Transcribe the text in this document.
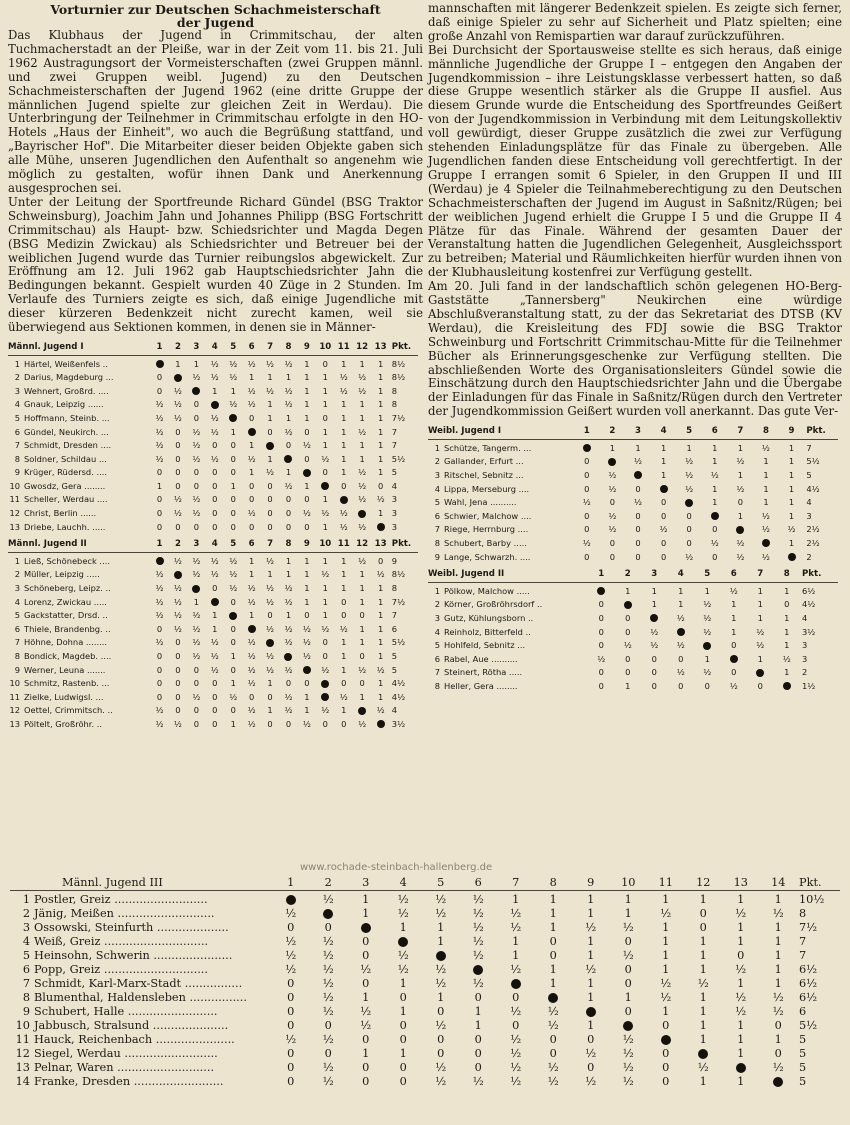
Vorturnier zur Deutschen Schachmeisterschaft
der Jugend

Das Klubhaus der Jugend in Crimmitschau, der alten Tuchmacherstadt an der Pleiße, war in der Zeit vom 11. bis 21. Juli 1962 Austragungsort der Vormeisterschaften (zwei Gruppen männl. und zwei Gruppen weibl. Jugend) zu den Deutschen Schachmeisterschaften der Jugend 1962 (eine dritte Gruppe der männlichen Jugend spielte zur gleichen Zeit in Werdau). Die Unterbringung der Teilnehmer in Crimmitschau erfolgte in den HO-Hotels „Haus der Einheit", wo auch die Begrüßung stattfand, und „Bayrischer Hof". Die Mitarbeiter dieser beiden Objekte gaben sich alle Mühe, unseren Jugendlichen den Aufenthalt so angenehm wie möglich zu gestalten, wofür ihnen Dank und Anerkennung ausgesprochen sei.

Unter der Leitung der Sportfreunde Richard Gündel (BSG Traktor Schweinsburg), Joachim Jahn und Johannes Philipp (BSG Fortschritt Crimmitschau) als Haupt- bzw. Schiedsrichter und Magda Degen (BSG Medizin Zwickau) als Schiedsrichter und Betreuer bei der weiblichen Jugend wurde das Turnier reibungslos abgewickelt. Zur Eröffnung am 12. Juli 1962 gab Hauptschiedsrichter Jahn die Bedingungen bekannt. Gespielt wurden 40 Züge in 2 Stunden. Im Verlaufe des Turniers zeigte es sich, daß einige Jugendliche mit dieser kürzeren Bedenkzeit nicht zurecht kamen, weil sie überwiegend aus Sektionen kommen, in denen sie in Männer-

Männl. Jugend I	1	2	3	4	5	6	7	8	9	10	11	12	13	Pkt.

1 Härtel, Weißenfels ..		1	1	½	½	½	½	½	1	0	1	1	1	8½
2 Darius, Magdeburg ...	0		½	½	½	1	1	1	1	1	½	½	1	8½
3 Wehnert, Großrd. ....	0	½		1	1	½	½	½	1	1	½	½	1	8
4 Gnauk, Leipzig ......	½	½	0		½	½	1	½	1	1	1	1	1	8
5 Hoffmann, Steinb. ...	½	½	0	½		0	1	1	1	0	1	1	1	7½
6 Gündel, Neukirch. ...	½	0	½	½	1		0	½	0	1	1	½	1	7
7 Schmidt, Dresden ....	½	0	½	0	0	1		0	½	1	1	1	1	7
8 Soldner, Schildau ...	½	0	½	½	0	½	1		0	½	1	1	1	5½
9 Krüger, Rüdersd. ....	0	0	0	0	0	1	½	1		0	1	½	1	5
10 Gwosdz, Gera ........	1	0	0	0	1	0	0	½	1		0	½	0	4
11 Scheller, Werdau ....	0	½	½	0	0	0	0	0	0	1		½	½	3
12 Christ, Berlin ......	0	½	½	0	0	½	0	0	½	½	½		1	3
13 Driebe, Lauchh. .....	0	0	0	0	0	0	0	0	0	1	½	½		3
Männl. Jugend II	1	2	3	4	5	6	7	8	9	10	11	12	13	Pkt.

1 Ließ, Schönebeck ....		½	½	½	½	1	½	1	1	1	1	½	0	9
2 Müller, Leipzig .....	½		½	½	½	1	1	1	1	½	1	1	½	8½
3 Schöneberg, Leipz. ..	½	½		0	½	½	½	½	1	1	1	1	1	8
4 Lorenz, Zwickau .....	½	½	1		0	½	½	½	1	1	0	1	1	7½
5 Gackstatter, Drsd. ..	½	½	½	1		1	0	1	0	1	0	0	1	7
6 Thiele, Brandenbg. ..	0	½	½	1	0		½	½	½	½	½	1	1	6
7 Höhne, Dohna ........	½	0	½	½	0	½		½	½	0	1	1	1	5½
8 Bondick, Magdeb. ....	0	0	½	½	1	½	½		½	0	1	0	1	5
9 Werner, Leuna .......	0	0	0	½	0	½	½	½		½	1	½	½	5
10 Schmitz, Rastenb. ...	0	0	0	0	1	½	1	0	0		0	0	1	4½
11 Zielke, Ludwigsl. ...	0	0	½	0	½	0	0	½	1		½	1	1	4½
12 Oettel, Crimmitsch. ..	½	0	0	0	0	½	1	½	1	½	1		½	4
13 Pöltelt, Großröhr. ..	½	½	0	0	1	½	0	0	½	0	0	½		3½

mannschaften mit längerer Bedenkzeit spielen. Es zeigte sich ferner, daß einige Spieler zu sehr auf Sicherheit und Platz spielten; eine große Anzahl von Remispartien war darauf zurückzuführen.

Bei Durchsicht der Sportausweise stellte es sich heraus, daß einige männliche Jugendliche der Gruppe I – entgegen den Angaben der Jugendkommission – ihre Leistungsklasse verbessert hatten, so daß diese Gruppe wesentlich stärker als die Gruppe II ausfiel. Aus diesem Grunde wurde die Entscheidung des Sportfreundes Geißert von der Jugendkommission in Verbindung mit dem Leitungskollektiv voll gewürdigt, dieser Gruppe zusätzlich die zwei zur Verfügung stehenden Einladungsplätze für das Finale zu übergeben. Alle Jugendlichen fanden diese Entscheidung voll gerechtfertigt. In der Gruppe I errangen somit 6 Spieler, in den Gruppen II und III (Werdau) je 4 Spieler die Teilnahmeberechtigung zu den Deutschen Schachmeisterschaften der Jugend im August in Saßnitz/Rügen; bei der weiblichen Jugend erhielt die Gruppe I 5 und die Gruppe II 4 Plätze für das Finale. Während der gesamten Dauer der Veranstaltung hatten die Jugendlichen Gelegenheit, Ausgleichssport zu betreiben; Material und Räumlichkeiten hierfür wurden ihnen von der Klubhausleitung kostenfrei zur Verfügung gestellt.

Am 20. Juli fand in der landschaftlich schön gelegenen HO-Berg-Gaststätte „Tannersberg" Neukirchen eine würdige Abschlußveranstaltung statt, zu der das Sekretariat des DTSB (KV Werdau), die Kreisleitung des FDJ sowie die BSG Traktor Schweinburg und Fortschritt Crimmitschau-Mitte für die Teilnehmer Bücher als Erinnerungsgeschenke zur Verfügung stellten. Die abschließenden Worte des Organisationsleiters Gündel sowie die Einschätzung durch den Hauptschiedsrichter Jahn und die Übergabe der Einladungen für das Finale in Saßnitz/Rügen durch den Vertreter der Jugendkommission Geißert wurden voll anerkannt. Das gute Ver-

Weibl. Jugend I	1	2	3	4	5	6	7	8	9	Pkt.

1 Schütze, Tangerm. ...		1	1	1	1	1	1	½	1	7
2 Gallander, Erfurt ...	0		½	1	½	1	½	1	1	5½
3 Ritschel, Sebnitz ...	0	½		1	½	½	1	1	1	5
4 Lippa, Merseburg ....	0	½	0		½	1	½	1	1	4½
5 Wahl, Jena ..........	½	0	½	0		1	0	1	1	4
6 Schwier, Malchow ....	0	½	0	0	0		1	½	1	3
7 Riege, Herrnburg ....	0	½	0	½	0	0		½	½	2½
8 Schubert, Barby .....	½	0	0	0	0	½	½		1	2½
9 Lange, Schwarzh. ....	0	0	0	0	½	0	½	½		2
Weibl. Jugend II	1	2	3	4	5	6	7	8	Pkt.

1 Pölkow, Malchow .....		1	1	1	1	½	1	1	6½
2 Körner, Großröhrsdorf ..	0		1	1	½	1	1	0	4½
3 Gutz, Kühlungsborn ..	0	0		½	½	1	1	1	4
4 Reinholz, Bitterfeld ..	0	0	½		½	1	½	1	3½
5 Hohlfeld, Sebnitz ...	0	½	½	½		0	½	1	3
6 Rabel, Aue ..........	½	0	0	0	1		1	½	3
7 Steinert, Rötha .....	0	0	0	½	½	0		1	2
8 Heller, Gera ........	0	1	0	0	0	½	0		1½
www.rochade-steinbach-hallenberg.de
Männl. Jugend III	1	2	3	4	5	6	7	8	9	10	11	12	13	14	Pkt.

1 Postler, Greiz ..........................		½	1	½	½	½	1	1	1	1	1	1	1	1	10½
2 Jänig, Meißen ...........................	½		1	½	½	½	½	1	1	1	½	0	½	½	8
3 Ossowski, Steinfurth ....................	0	0		1	1	½	½	1	½	½	1	0	1	1	7½
4 Weiß, Greiz .............................	½	½	0		1	½	1	0	1	0	1	1	1	1	7
5 Heinsohn, Schwerin ......................	½	½	0	½		½	1	0	1	½	1	1	0	1	7
6 Popp, Greiz .............................	½	½	½	½	½		½	1	½	0	1	1	½	1	6½
7 Schmidt, Karl-Marx-Stadt ................	0	½	0	1	½	½		1	1	0	½	½	1	1	6½
8 Blumenthal, Haldensleben ................	0	½	1	0	1	0	0		1	1	½	1	½	½	6½
9 Schubert, Halle .........................	0	½	½	1	0	1	½	½		0	1	1	½	½	6
10 Jabbusch, Stralsund .....................	0	0	½	0	½	1	0	½	1		0	1	1	0	5½
11 Hauck, Reichenbach ......................	½	½	0	0	0	0	½	0	0	½		1	1	1	5
12 Siegel, Werdau ..........................	0	0	1	1	0	0	½	0	½	½	0		1	0	5
13 Pelnar, Waren ...........................	0	½	0	0	½	0	½	½	0	½	0	½		½	5
14 Franke, Dresden .........................	0	½	0	0	½	½	½	½	½	½	0	1	1		5
